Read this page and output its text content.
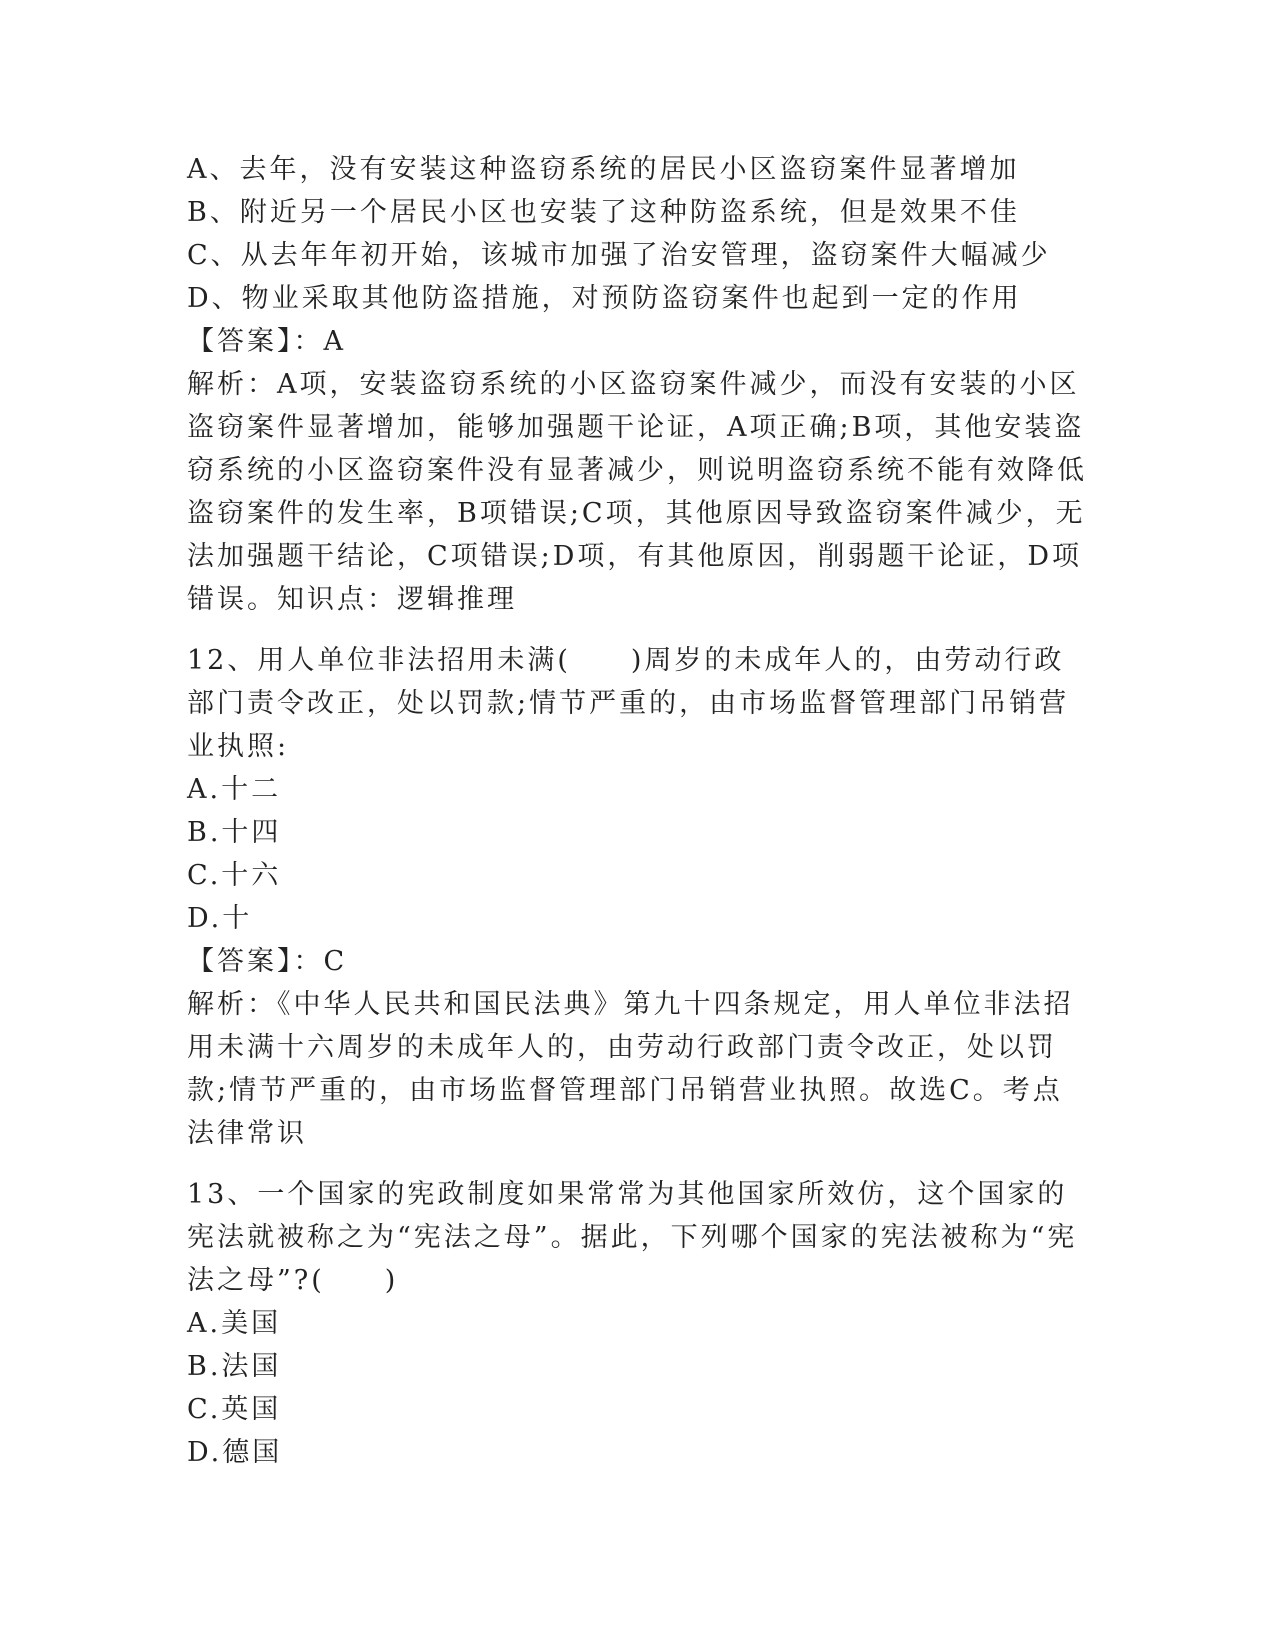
A、去年，没有安装这种盗窃系统的居民小区盗窃案件显著增加
B、附近另一个居民小区也安装了这种防盗系统，但是效果不佳
C、从去年年初开始，该城市加强了治安管理，盗窃案件大幅减少
D、物业采取其他防盗措施，对预防盗窃案件也起到一定的作用
【答案】：A
解析：A项，安装盗窃系统的小区盗窃案件减少，而没有安装的小区盗窃案件显著增加，能够加强题干论证，A项正确;B项，其他安装盗窃系统的小区盗窃案件没有显著减少，则说明盗窃系统不能有效降低盗窃案件的发生率，B项错误;C项，其他原因导致盗窃案件减少，无法加强题干结论，C项错误;D项，有其他原因，削弱题干论证，D项错误。知识点：逻辑推理
12、用人单位非法招用未满(　　)周岁的未成年人的，由劳动行政部门责令改正，处以罚款;情节严重的，由市场监督管理部门吊销营业执照:
A.十二
B.十四
C.十六
D.十
【答案】：C
解析：《中华人民共和国民法典》第九十四条规定，用人单位非法招用未满十六周岁的未成年人的，由劳动行政部门责令改正，处以罚款;情节严重的，由市场监督管理部门吊销营业执照。故选C。考点法律常识
13、一个国家的宪政制度如果常常为其他国家所效仿，这个国家的宪法就被称之为“宪法之母”。据此，下列哪个国家的宪法被称为“宪法之母”?(　　)
A.美国
B.法国
C.英国
D.德国
